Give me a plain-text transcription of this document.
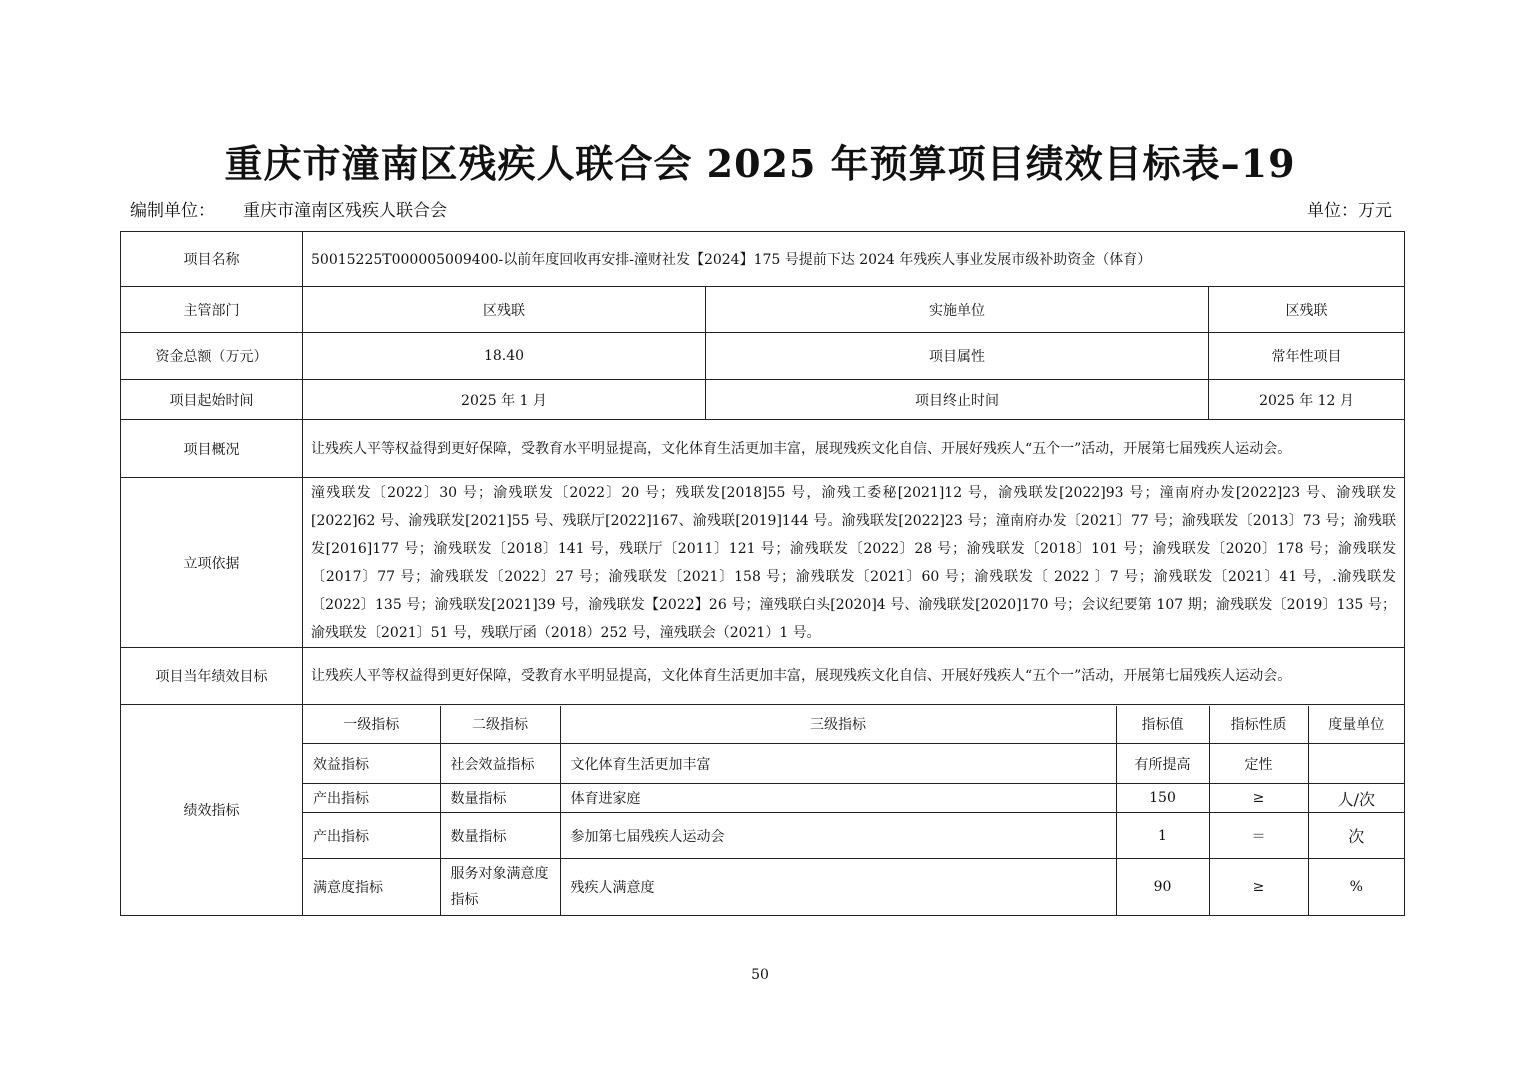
重庆市潼南区残疾人联合会 2025 年预算项目绩效目标表–19
编制单位： 重庆市潼南区残疾人联合会	单位：万元
项目名称	50015225T000005009400-以前年度回收再安排-潼财社发【2024】175 号提前下达 2024 年残疾人事业发展市级补助资金（体育）
主管部门	区残联	实施单位	区残联
资金总额（万元）	18.40	项目属性	常年性项目
项目起始时间	2025 年 1 月	项目终止时间	2025 年 12 月
项目概况	让残疾人平等权益得到更好保障，受教育水平明显提高，文化体育生活更加丰富，展现残疾文化自信、开展好残疾人“五个一”活动，开展第七届残疾人运动会。
立项依据	潼残联发〔2022〕30 号；渝残联发〔2022〕20 号；残联发[2018]55 号，渝残工委秘[2021]12 号，渝残联发[2022]93 号；潼南府办发[2022]23 号、渝残联发[2022]62 号、渝残联发[2021]55 号、残联厅[2022]167、渝残联[2019]144 号。渝残联发[2022]23 号；潼南府办发〔2021〕77 号；渝残联发〔2013〕73 号；渝残联发[2016]177 号；渝残联发〔2018〕141 号，残联厅〔2011〕121 号；渝残联发〔2022〕28 号；渝残联发〔2018〕101 号；渝残联发〔2020〕178 号；渝残联发〔2017〕77 号；渝残联发〔2022〕27 号；渝残联发〔2021〕158 号；渝残联发〔2021〕60 号；渝残联发〔 2022 〕7 号；渝残联发〔2021〕41 号，.渝残联发〔2022〕135 号；渝残联发[2021]39 号，渝残联发【2022】26 号；潼残联白头[2020]4 号、渝残联发[2020]170 号；会议纪要第 107 期；渝残联发〔2019〕135 号；渝残联发〔2021〕51 号，残联厅函（2018）252 号，潼残联会（2021）1 号。
项目当年绩效目标	让残疾人平等权益得到更好保障，受教育水平明显提高，文化体育生活更加丰富，展现残疾文化自信、开展好残疾人“五个一”活动，开展第七届残疾人运动会。
绩效指标	
一级指标	二级指标	三级指标	指标值	指标性质	度量单位
效益指标	社会效益指标	文化体育生活更加丰富	有所提高	定性	
产出指标	数量指标	体育进家庭	150	≥	人/次
产出指标	数量指标	参加第七届残疾人运动会	1	＝	次
满意度指标	服务对象满意度指标	残疾人满意度	90	≥	%
50
